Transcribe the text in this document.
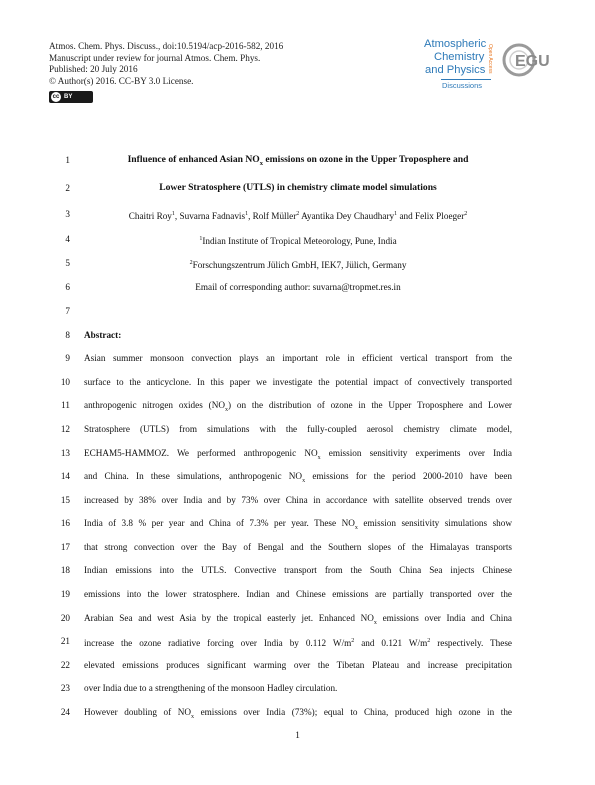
Atmos. Chem. Phys. Discuss., doi:10.5194/acp-2016-582, 2016
Manuscript under review for journal Atmos. Chem. Phys.
Published: 20 July 2016
© Author(s) 2016. CC-BY 3.0 License.
cc BY
Atmospheric
Chemistry
and Physics
Discussions
Open Access EGU
1	Influence of enhanced Asian $NO_x$ emissions on ozone in the Upper Troposphere and
2	Lower Stratosphere (UTLS) in chemistry climate model simulations
3	Chaitri Roy$^1$, Suvarna Fadnavis$^1$, Rolf Müller$^2$ Ayantika Dey Chaudhary$^1$ and Felix Ploeger$^2$
4	$^1$Indian Institute of Tropical Meteorology, Pune, India
5	$^2$Forschungszentrum Jülich GmbH, IEK7, Jülich, Germany
6	Email of corresponding author: suvarna@tropmet.res.in
7
8 Abstract:
9 Asian summer monsoon convection plays an important role in efficient vertical transport from the
10 surface to the anticyclone. In this paper we investigate the potential impact of convectively transported
11 anthropogenic nitrogen oxides $(NO_x)$ on the distribution of ozone in the Upper Troposphere and Lower
12 Stratosphere (UTLS) from simulations with the fully-coupled aerosol chemistry climate model,
13 ECHAM5-HAMMOZ. We performed anthropogenic $NO_x$ emission sensitivity experiments over India
14 and China. In these simulations, anthropogenic $NO_x$ emissions for the period 2000-2010 have been
15 increased by 38% over India and by 73% over China in accordance with satellite observed trends over
16 India of 3.8 % per year and China of 7.3% per year. These $NO_x$ emission sensitivity simulations show
17 that strong convection over the Bay of Bengal and the Southern slopes of the Himalayas transports
18 Indian emissions into the UTLS. Convective transport from the South China Sea injects Chinese
19 emissions into the lower stratosphere. Indian and Chinese emissions are partially transported over the
20 Arabian Sea and west Asia by the tropical easterly jet. Enhanced $NO_x$ emissions over India and China
21 increase the ozone radiative forcing over India by 0.112 $W/m^2$ and 0.121 $W/m^2$ respectively. These
22 elevated emissions produces significant warming over the Tibetan Plateau and increase precipitation
23 over India due to a strengthening of the monsoon Hadley circulation.
24 However doubling of $NO_x$ emissions over India (73%); equal to China, produced high ozone in the
1
